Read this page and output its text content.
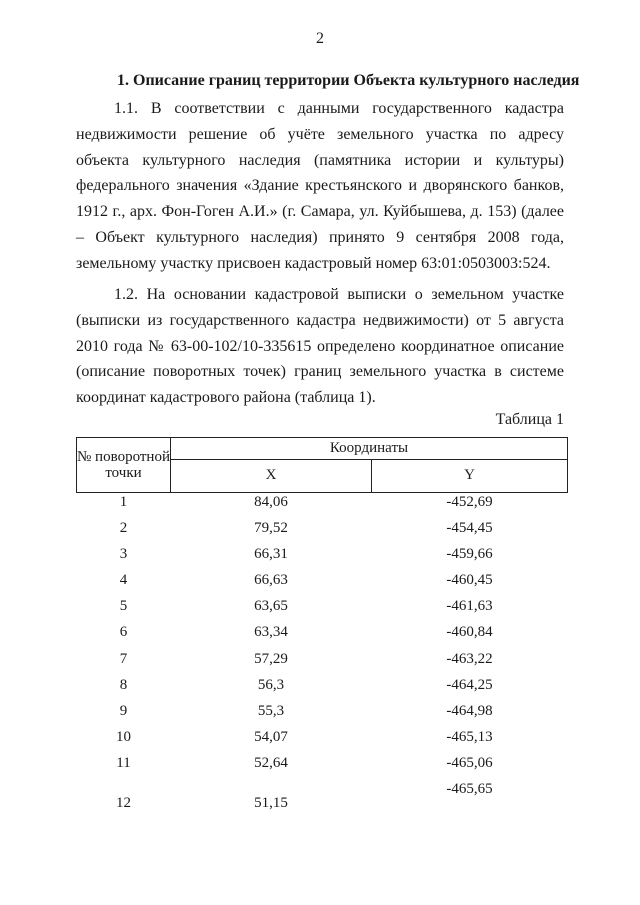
2
1. Описание границ территории Объекта культурного наследия

1.1. В соответствии с данными государственного кадастра недвижимости решение об учёте земельного участка по адресу объекта культурного наследия (памятника истории и культуры) федерального значения «Здание крестьянского и дворянского банков, 1912 г., арх. Фон-Гоген А.И.» (г. Самара, ул. Куйбышева, д. 153) (далее – Объект культурного наследия) принято 9 сентября 2008 года, земельному участку присвоен кадастровый номер 63:01:0503003:524.

1.2. На основании кадастровой выписки о земельном участке (выписки из государственного кадастра недвижимости) от 5 августа 2010 года № 63-00-102/10-335615 определено координатное описание (описание поворотных точек) границ земельного участка в системе координат кадастрового района (таблица 1).

Таблица 1
№ поворотной точки	Координаты	
	X	Y
1	84,06	-452,69
2	79,52	-454,45
3	66,31	-459,66
4	66,63	-460,45
5	63,65	-461,63
6	63,34	-460,84
7	57,29	-463,22
8	56,3	-464,25
9	55,3	-464,98
10	54,07	-465,13
11	52,64	-465,06
12	51,15	-465,65
